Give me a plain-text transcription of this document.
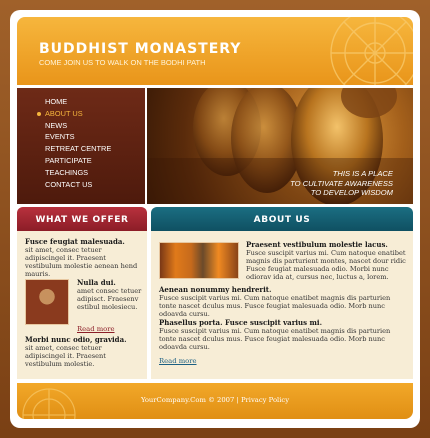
BUDDHIST MONASTERY
COME JOIN US TO WALK ON THE BODHI PATH
HOME
ABOUT US
NEWS
EVENTS
RETREAT CENTRE
PARTICIPATE
TEACHINGS
CONTACT US
THIS IS A PLACE
TO CULTIVATE AWARENESS
TO DEVELOP WISDOM
WHAT WE OFFER
Fusce feugiat malesuada.
sit amet, consec tetuer adipiscingel it. Praesent vestibulum molestie aenean hend mauris.
Nulla dui.
amet consec tetuer adipisct. Fraesenv estibul molesiecu.
Read more
Morbi nunc odio, gravida.
sit amet, consec tetuer adipiscingel it. Praesent vestibulum molestie.
ABOUT US
Praesent vestibulum molestie lacus.
Fusce suscipit varius mi. Cum natoque enatibet magnis dis parturient montes, nascet dour ridic Fusce feugiat malesuada odio. Morbi nunc odiorav ida at, cursus nec, luctus a, lorem.
Aenean nonummy hendrerit.
Fusce suscipit varius mi. Cum natoque enatibet magnis dis parturien tonte nascet dculus mus. Fusce feugiat malesuada odio. Morb nunc odoavda cursu.
Phasellus porta. Fusce suscipit varius mi.
Fusce suscipit varius mi. Cum natoque enatibet magnis dis parturien tonte nascet dculus mus. Fusce feugiat malesuada odio. Morb nunc odoavda cursu.
Read more
YourCompany.Com © 2007 | Privacy Policy
